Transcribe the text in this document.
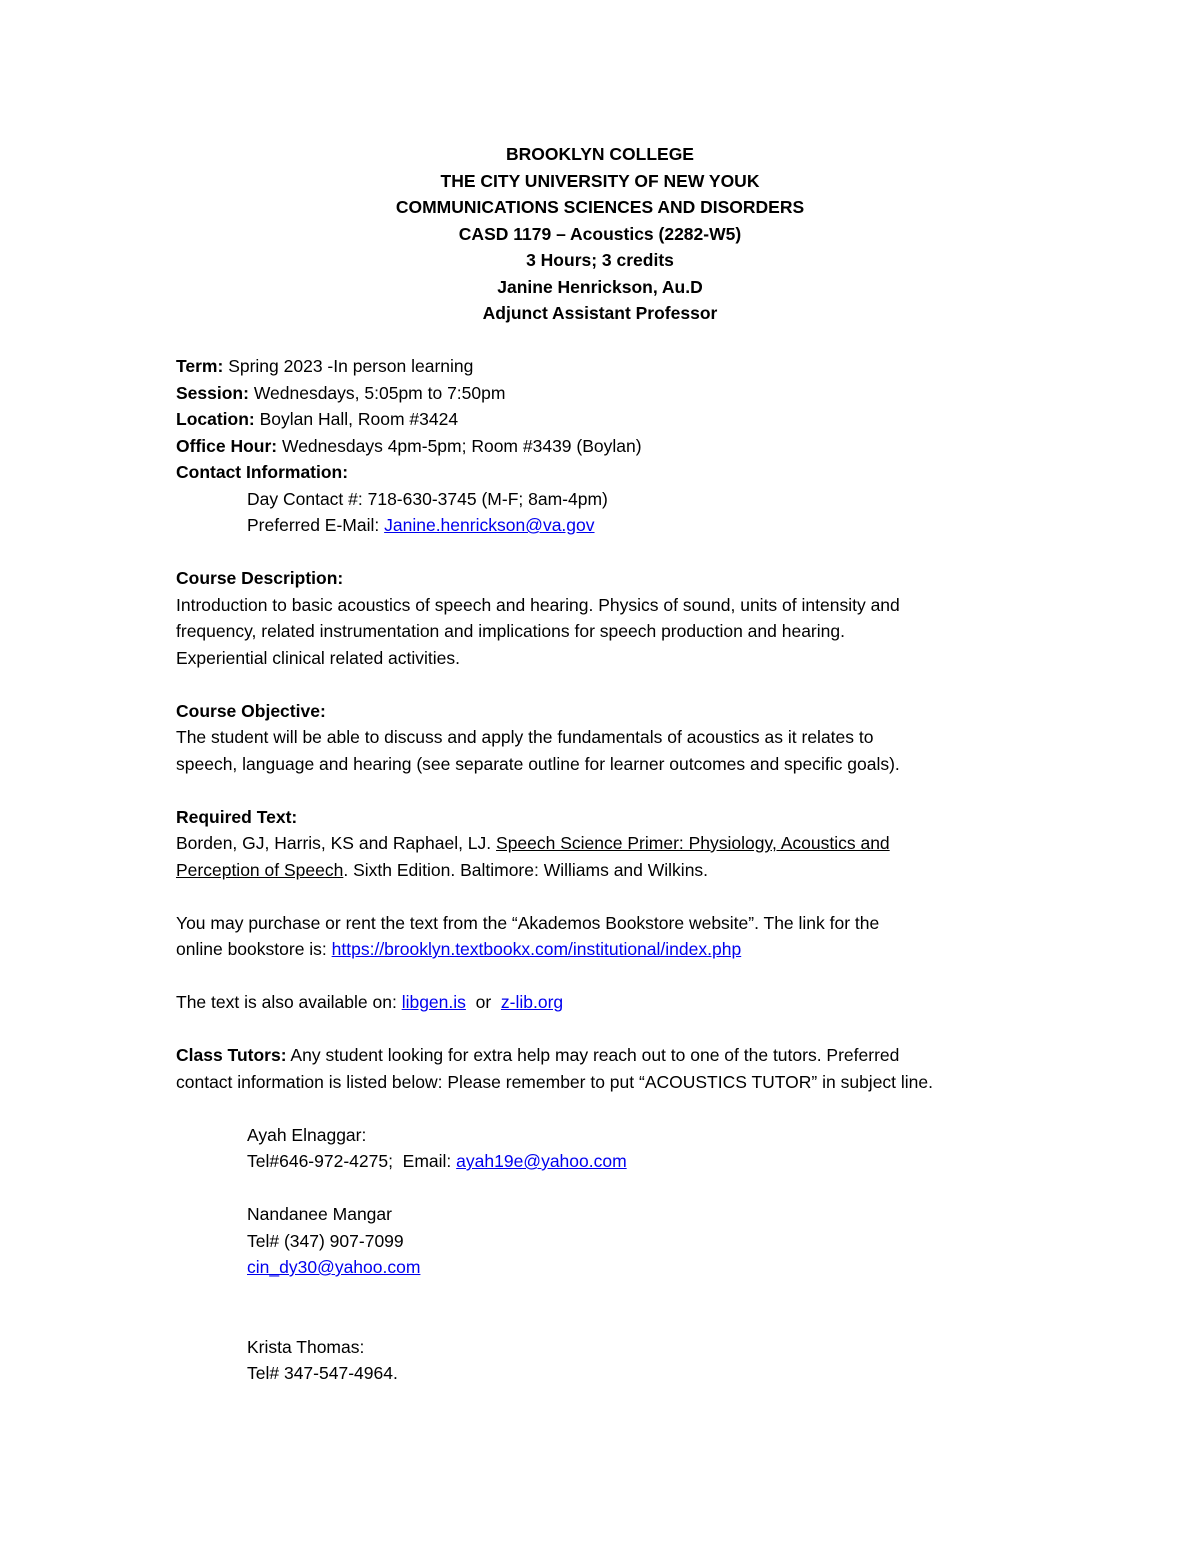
BROOKLYN COLLEGE
THE CITY UNIVERSITY OF NEW YOUK
COMMUNICATIONS SCIENCES AND DISORDERS
CASD 1179 – Acoustics (2282-W5)
3 Hours; 3 credits
Janine Henrickson, Au.D
Adjunct Assistant Professor
Term: Spring 2023 -In person learning
Session: Wednesdays, 5:05pm to 7:50pm
Location: Boylan Hall, Room #3424
Office Hour: Wednesdays 4pm-5pm; Room #3439 (Boylan)
Contact Information:
Day Contact #: 718-630-3745 (M-F; 8am-4pm)
Preferred E-Mail: Janine.henrickson@va.gov
Course Description:
Introduction to basic acoustics of speech and hearing. Physics of sound, units of intensity and
frequency, related instrumentation and implications for speech production and hearing.
Experiential clinical related activities.
Course Objective:
The student will be able to discuss and apply the fundamentals of acoustics as it relates to
speech, language and hearing (see separate outline for learner outcomes and specific goals).
Required Text:
Borden, GJ, Harris, KS and Raphael, LJ. Speech Science Primer: Physiology, Acoustics and
Perception of Speech. Sixth Edition. Baltimore: Williams and Wilkins.
You may purchase or rent the text from the “Akademos Bookstore website”. The link for the
online bookstore is: https://brooklyn.textbookx.com/institutional/index.php
The text is also available on: libgen.is  or  z-lib.org
Class Tutors: Any student looking for extra help may reach out to one of the tutors. Preferred
contact information is listed below: Please remember to put “ACOUSTICS TUTOR” in subject line.
Ayah Elnaggar:
Tel#646-972-4275;  Email: ayah19e@yahoo.com
Nandanee Mangar
Tel# (347) 907-7099
cin_dy30@yahoo.com
Krista Thomas:
Tel# 347-547-4964.
